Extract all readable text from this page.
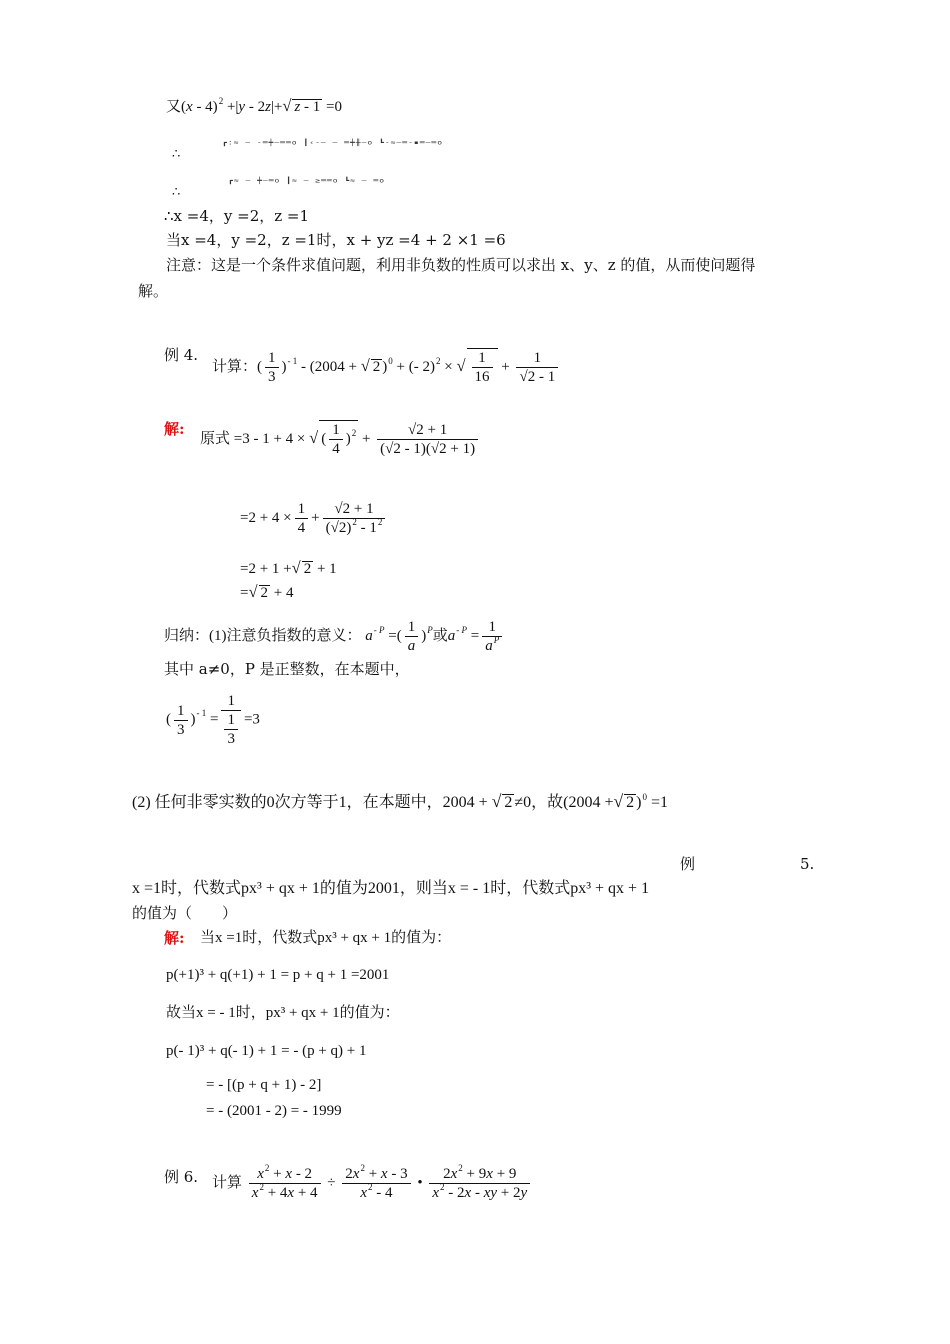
又(x - 4)$^2$ +|y - 2z|+√ z - 1 =0
∴
┏:≈ ‒ -═┿‒══o ┃‹-‒ ‒ ═┿╫—o ┗-≈‒═-▪═‒═o
∴
┏≈ ‒ ┿‒═o ┃≈ ‒ ≥══o ┗≈ ‒ ═o
∴x =4，y =2，z =1
当x =4，y =2，z =1时，x + yz =4 + 2 ×1 =6
注意：这是一个条件求值问题，利用非负数的性质可以求出 x、y、z 的值，从而使问题得
解。
例 4.
计算：( $\frac{1}{3} )^{- 1} - (2004$ + √ 2 )$^0$ + (- 2)$^2$ × √ $\frac{1}{16} + \frac{1}{√2 - 1}$
解:
原式 =3 - 1 + 4 × √ ( $\frac{1}{4} )^2 + \frac{√2 + 1}{(√2 - 1)(√2 + 1)}$
$=2 + 4 \times \frac{1}{4} + \frac{√2 + 1}{(√2)^2 - 1^2}$
=2 + 1 +√ 2 + 1
=√ 2 + 4
归纳：(1)注意负指数的意义： $a^{- P}$ =( $\frac{1}{a} )^P$或$a^{- P} = \frac{1}{a^P}$
其中 a≠0，P 是正整数，在本题中，
( $\frac{1}{3} )^{- 1} = \frac{1}{\frac{1}{3}} =3$
(2) 任何非零实数的0次方等于1，在本题中，2004 + √ 2 ≠0，故(2004 +√ 2 )$^0$ =1
例	5.
x =1时，代数式px³ + qx + 1的值为2001，则当x = - 1时，代数式px³ + qx + 1
的值为（　　）
解: 当x =1时，代数式px³ + qx + 1的值为：
p(+1)³ + q(+1) + 1 = p + q + 1 =2001
故当x = - 1时，px³ + qx + 1的值为：
p(- 1)³ + q(- 1) + 1 = - (p + q) + 1
= - [(p + q + 1) - 2]
= - (2001 - 2) = - 1999
例 6. 计算 $\frac{x^2 + x - 2}{x^2 + 4x + 4} \div \frac{2x^2 + x - 3}{x^2 - 4}$ • $\frac{2x^2 + 9x + 9}{x^2 - 2x - xy + 2y}$
